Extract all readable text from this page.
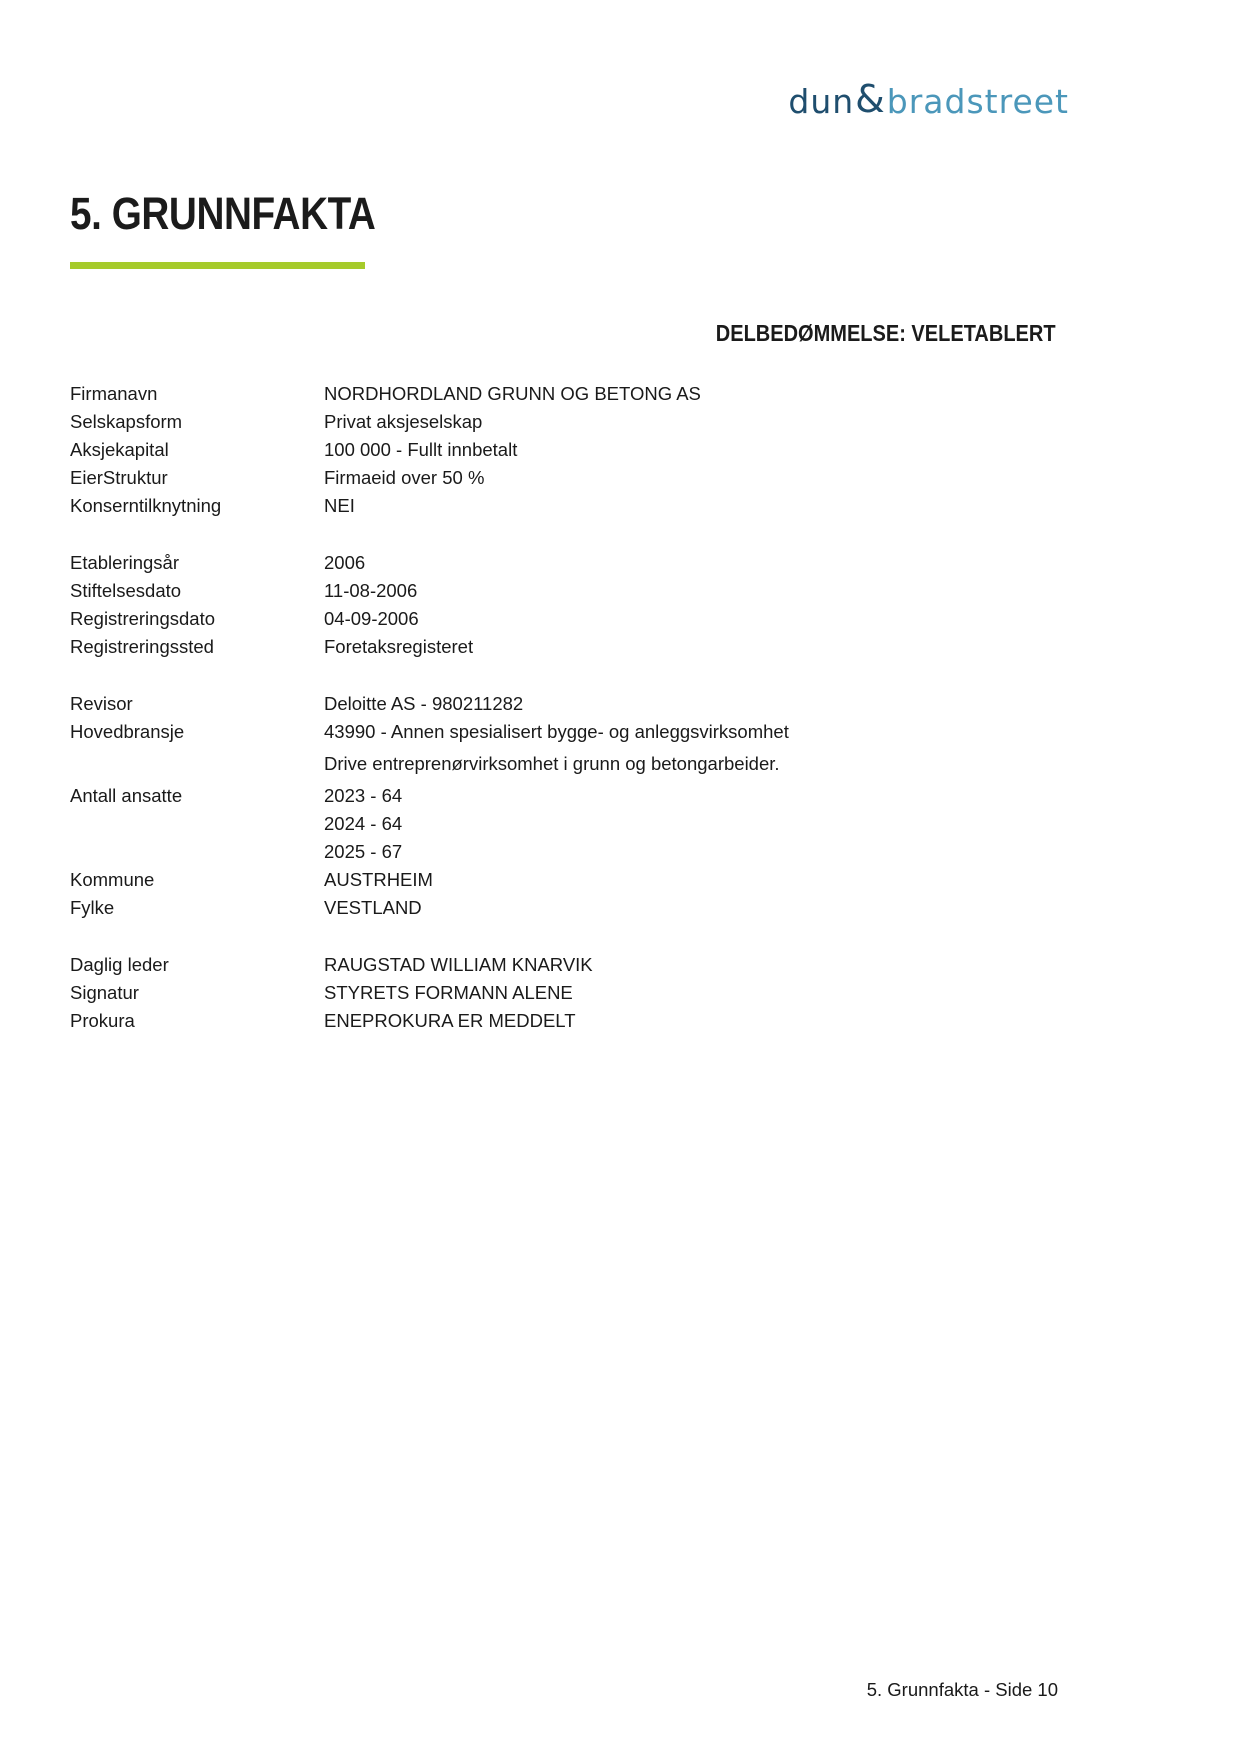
dun & bradstreet
5. GRUNNFAKTA
DELBEDØMMELSE: VELETABLERT
Firmanavn	NORDHORDLAND GRUNN OG BETONG AS
Selskapsform	Privat aksjeselskap
Aksjekapital	100 000 - Fullt innbetalt
EierStruktur	Firmaeid over 50 %
Konserntilknytning	NEI
Etableringsår	2006
Stiftelsesdato	11-08-2006
Registreringsdato	04-09-2006
Registreringssted	Foretaksregisteret
Revisor	Deloitte AS - 980211282
Hovedbransje	43990 - Annen spesialisert bygge- og anleggsvirksomhet
Drive entreprenørvirksomhet i grunn og betongarbeider.
Antall ansatte	2023 - 64
2024 - 64
2025 - 67
Kommune	AUSTRHEIM
Fylke	VESTLAND
Daglig leder	RAUGSTAD WILLIAM KNARVIK
Signatur	STYRETS FORMANN ALENE
Prokura	ENEPROKURA ER MEDDELT
5. Grunnfakta - Side 10
